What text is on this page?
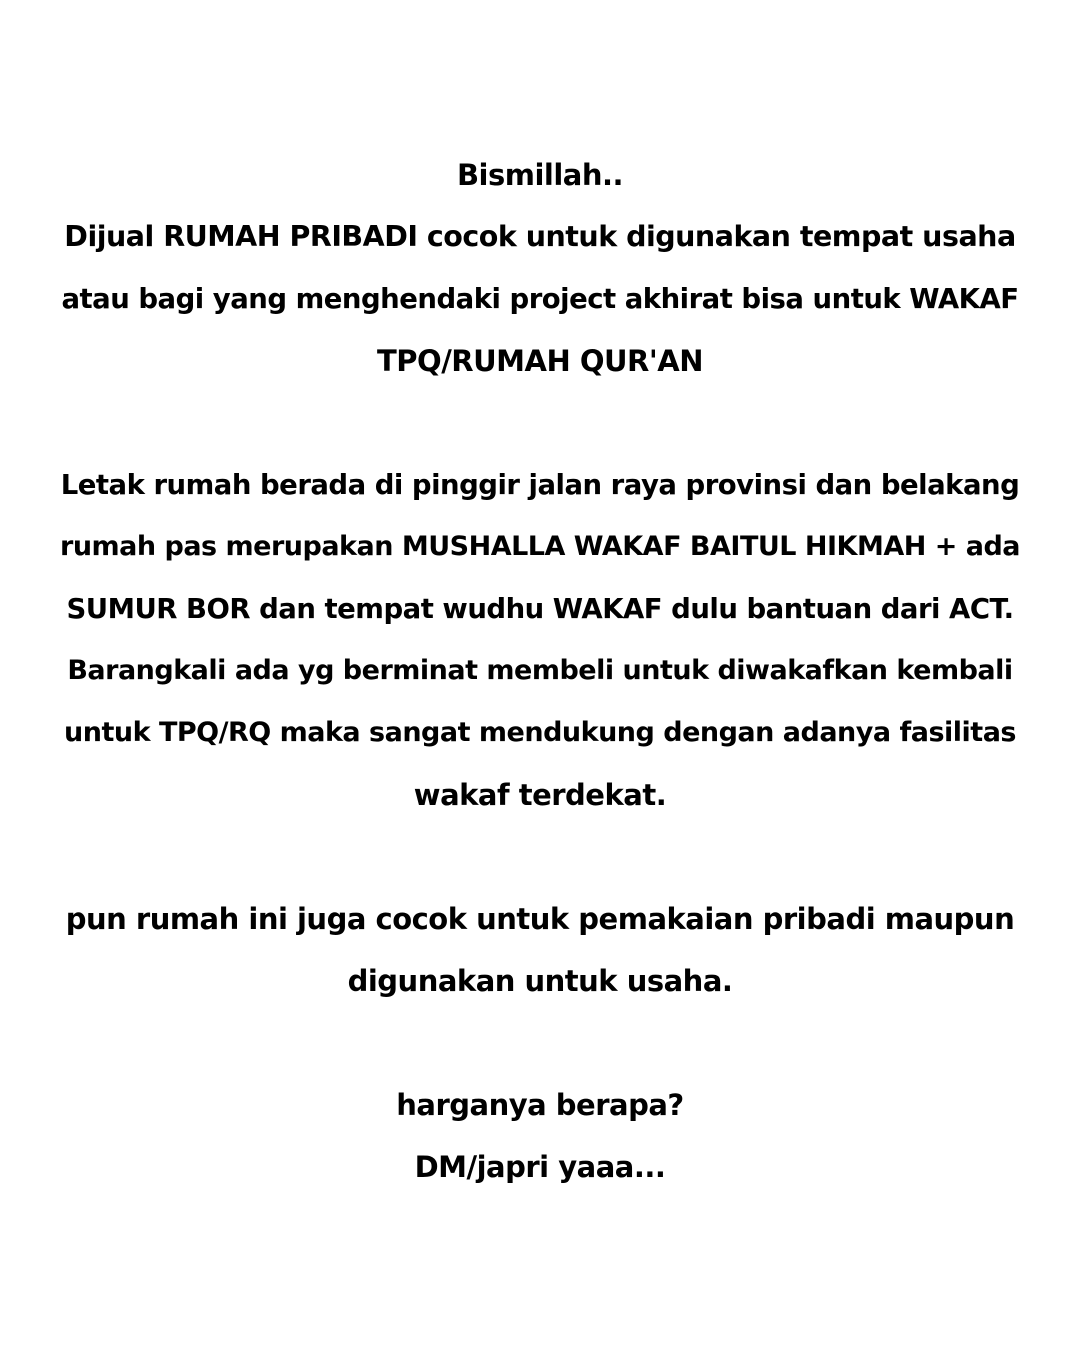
Bismillah..
Dijual RUMAH PRIBADI cocok untuk digunakan tempat usaha
atau bagi yang menghendaki project akhirat bisa untuk WAKAF
TPQ/RUMAH QUR'AN
Letak rumah berada di pinggir jalan raya provinsi dan belakang
rumah pas merupakan MUSHALLA WAKAF BAITUL HIKMAH + ada
SUMUR BOR dan tempat wudhu WAKAF dulu bantuan dari ACT.
Barangkali ada yg berminat membeli untuk diwakafkan kembali
untuk TPQ/RQ maka sangat mendukung dengan adanya fasilitas
wakaf terdekat.
pun rumah ini juga cocok untuk pemakaian pribadi maupun
digunakan untuk usaha.
harganya berapa?
DM/japri yaaa...
